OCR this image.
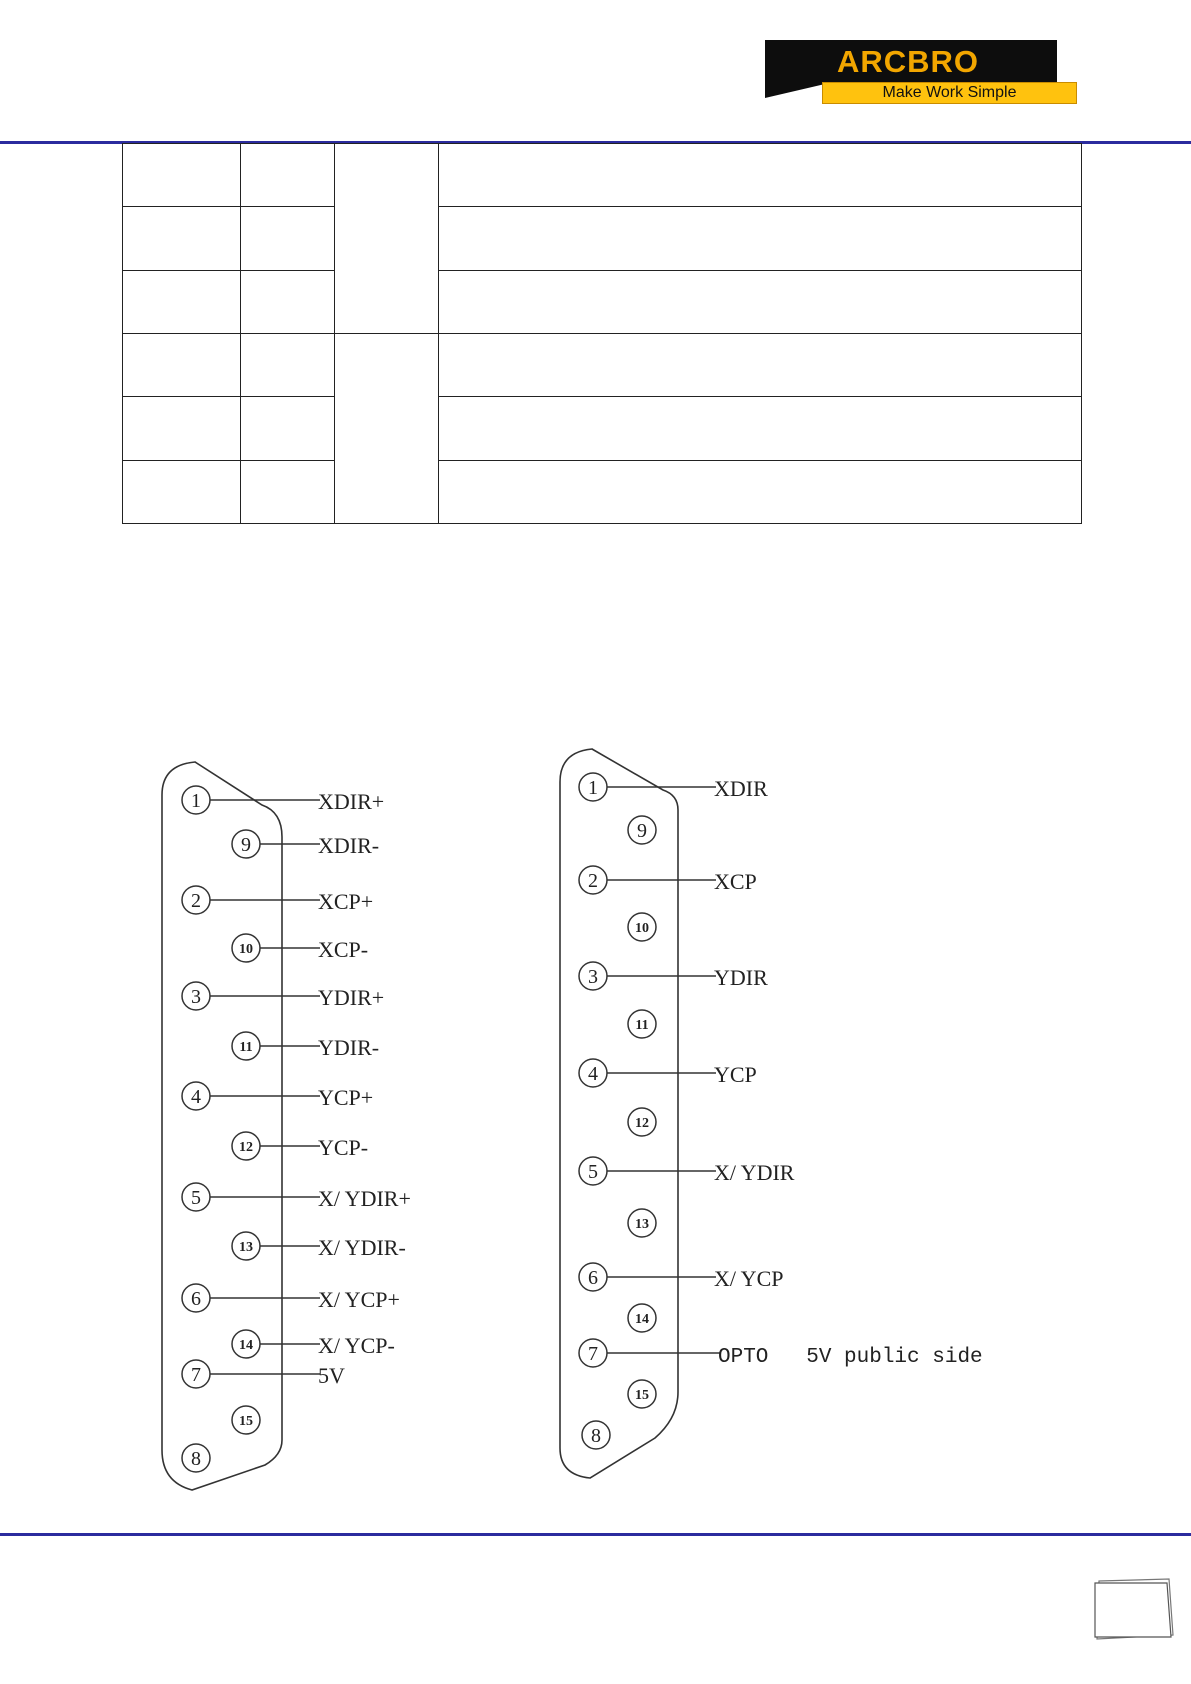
ARCBRO
Make Work Simple

1	XDIR+
9	XDIR-
2	XCP+
10	XCP-
3	YDIR+
11	YDIR-
4	YCP+
12	YCP-
5	X/ YDIR+
13	X/ YDIR-
6	X/ YCP+
14	X/ YCP-
7	5V
15
8
1	XDIR
9
2	XCP
10
3	YDIR
11
4	YCP
12
5	X/ YDIR
13
6	X/ YCP
14
7	OPTO   5V public side
15
8
